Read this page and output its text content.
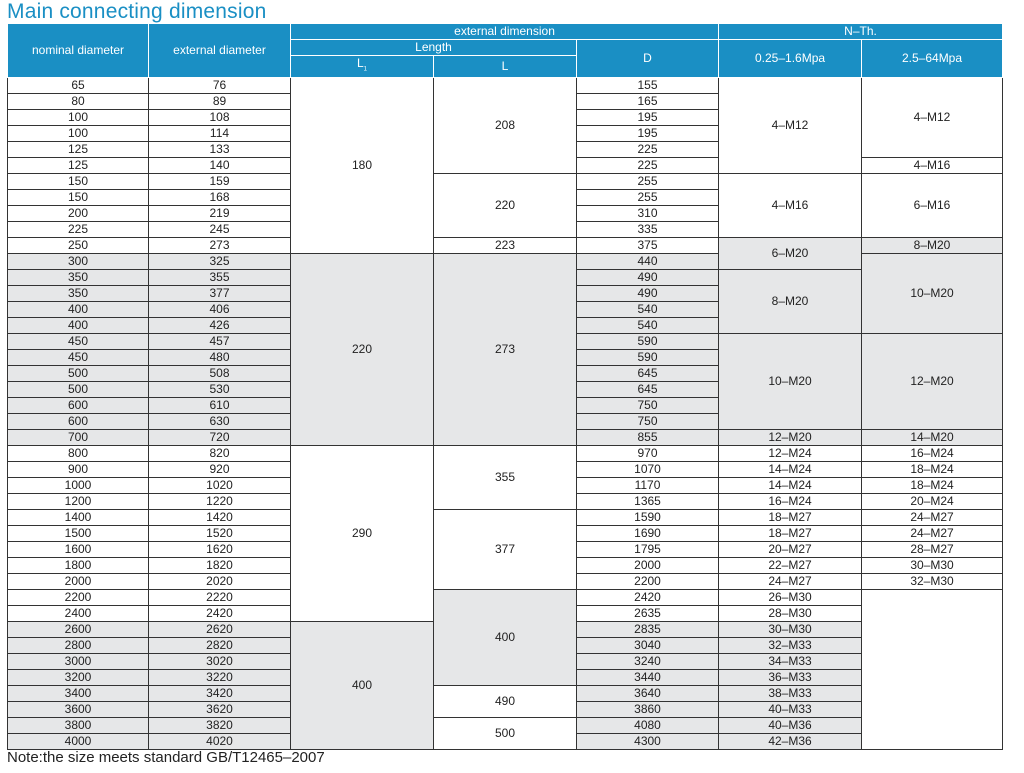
Main connecting dimension
nominal diameter	external diameter	external dimension			N–Th.	
		Length		D	0.25–1.6Mpa	2.5–64Mpa
		$L_1$	L			
65	76	180	208	155	4–M12	4–M12
80	89			165		
100	108			195		
100	114			195		
125	133			225		
125	140			225		4–M16
150	159		220	255	4–M16	6–M16
150	168			255		
200	219			310		
225	245			335		
250	273		223	375	6–M20	8–M20
300	325	220	273	440		10–M20
350	355			490	8–M20	
350	377			490		
400	406			540		
400	426			540		
450	457			590	10–M20	12–M20
450	480			590		
500	508			645		
500	530			645		
600	610			750		
600	630			750		
700	720			855	12–M20	14–M20
800	820	290	355	970	12–M24	16–M24
900	920			1070	14–M24	18–M24
1000	1020			1170	14–M24	18–M24
1200	1220			1365	16–M24	20–M24
1400	1420		377	1590	18–M27	24–M27
1500	1520			1690	18–M27	24–M27
1600	1620			1795	20–M27	28–M27
1800	1820			2000	22–M27	30–M30
2000	2020			2200	24–M27	32–M30
2200	2220		400	2420	26–M30	
2400	2420			2635	28–M30	
2600	2620	400		2835	30–M30	
2800	2820			3040	32–M33	
3000	3020			3240	34–M33	
3200	3220			3440	36–M33	
3400	3420		490	3640	38–M33	
3600	3620			3860	40–M33	
3800	3820		500	4080	40–M36	
4000	4020			4300	42–M36	

Note:the size meets standard GB/T12465–2007
